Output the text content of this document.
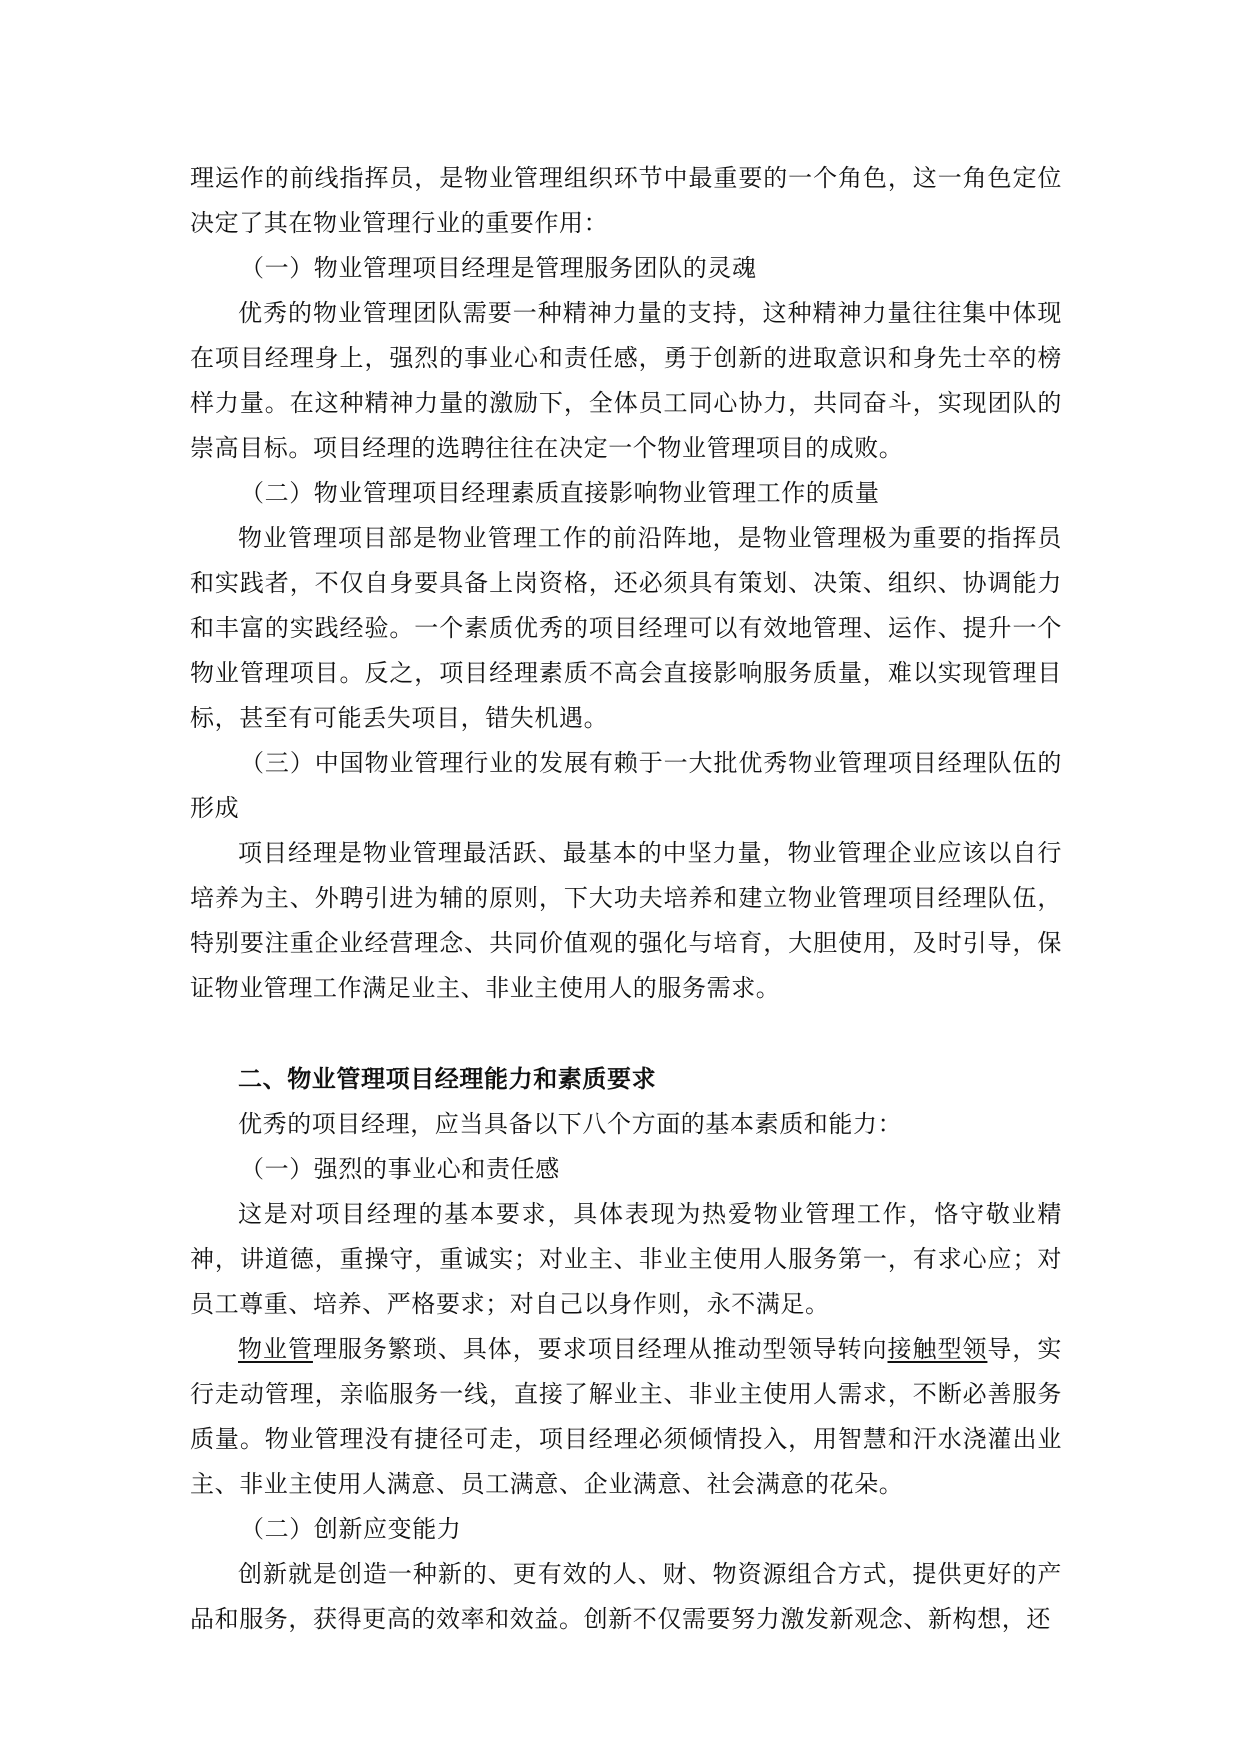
理运作的前线指挥员，是物业管理组织环节中最重要的一个角色，这一角色定位决定了其在物业管理行业的重要作用：

（一）物业管理项目经理是管理服务团队的灵魂

优秀的物业管理团队需要一种精神力量的支持，这种精神力量往往集中体现在项目经理身上，强烈的事业心和责任感，勇于创新的进取意识和身先士卒的榜样力量。在这种精神力量的激励下，全体员工同心协力，共同奋斗，实现团队的崇高目标。项目经理的选聘往往在决定一个物业管理项目的成败。

（二）物业管理项目经理素质直接影响物业管理工作的质量

物业管理项目部是物业管理工作的前沿阵地，是物业管理极为重要的指挥员和实践者，不仅自身要具备上岗资格，还必须具有策划、决策、组织、协调能力和丰富的实践经验。一个素质优秀的项目经理可以有效地管理、运作、提升一个物业管理项目。反之，项目经理素质不高会直接影响服务质量，难以实现管理目标，甚至有可能丢失项目，错失机遇。

（三）中国物业管理行业的发展有赖于一大批优秀物业管理项目经理队伍的形成

项目经理是物业管理最活跃、最基本的中坚力量，物业管理企业应该以自行培养为主、外聘引进为辅的原则，下大功夫培养和建立物业管理项目经理队伍，特别要注重企业经营理念、共同价值观的强化与培育，大胆使用，及时引导，保证物业管理工作满足业主、非业主使用人的服务需求。

二、物业管理项目经理能力和素质要求

优秀的项目经理，应当具备以下八个方面的基本素质和能力：

（一）强烈的事业心和责任感

这是对项目经理的基本要求，具体表现为热爱物业管理工作，恪守敬业精神，讲道德，重操守，重诚实；对业主、非业主使用人服务第一，有求心应；对员工尊重、培养、严格要求；对自己以身作则，永不满足。

物业管理服务繁琐、具体，要求项目经理从推动型领导转向接触型领导，实行走动管理，亲临服务一线，直接了解业主、非业主使用人需求，不断必善服务质量。物业管理没有捷径可走，项目经理必须倾情投入，用智慧和汗水浇灌出业主、非业主使用人满意、员工满意、企业满意、社会满意的花朵。

（二）创新应变能力

创新就是创造一种新的、更有效的人、财、物资源组合方式，提供更好的产品和服务，获得更高的效率和效益。创新不仅需要努力激发新观念、新构想，还
